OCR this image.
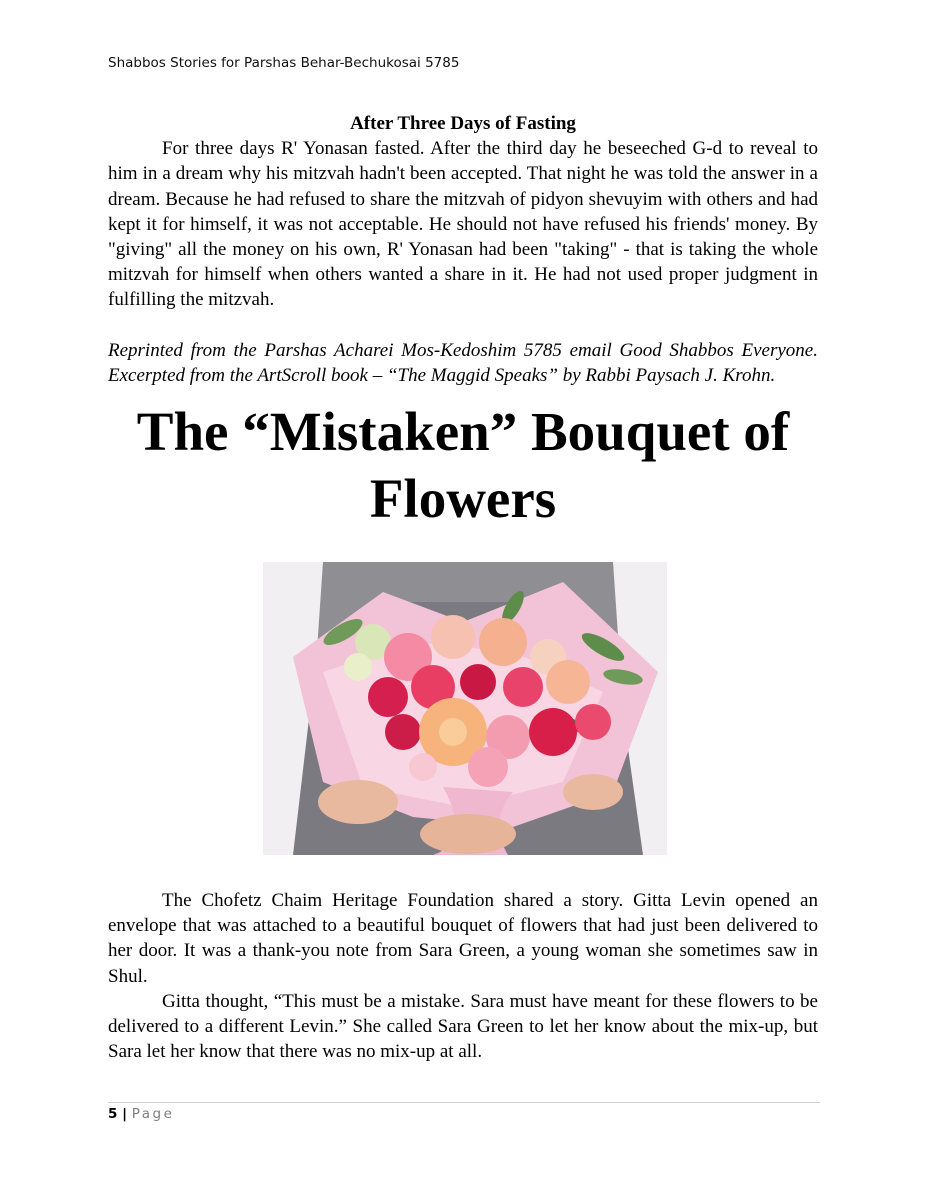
Shabbos Stories for Parshas Behar-Bechukosai 5785

After Three Days of Fasting

For three days R' Yonasan fasted. After the third day he beseeched G-d to reveal to him in a dream why his mitzvah hadn't been accepted. That night he was told the answer in a dream. Because he had refused to share the mitzvah of pidyon shevuyim with others and had kept it for himself, it was not acceptable. He should not have refused his friends' money. By "giving" all the money on his own, R' Yonasan had been "taking" - that is taking the whole mitzvah for himself when others wanted a share in it. He had not used proper judgment in fulfilling the mitzvah.

Reprinted from the Parshas Acharei Mos-Kedoshim 5785 email Good Shabbos Everyone. Excerpted from the ArtScroll book – “The Maggid Speaks” by Rabbi Paysach J. Krohn.

The “Mistaken” Bouquet of Flowers

The Chofetz Chaim Heritage Foundation shared a story. Gitta Levin opened an envelope that was attached to a beautiful bouquet of flowers that had just been delivered to her door. It was a thank-you note from Sara Green, a young woman she sometimes saw in Shul.

Gitta thought, “This must be a mistake. Sara must have meant for these flowers to be delivered to a different Levin.” She called Sara Green to let her know about the mix-up, but Sara let her know that there was no mix-up at all.

5 | Page
